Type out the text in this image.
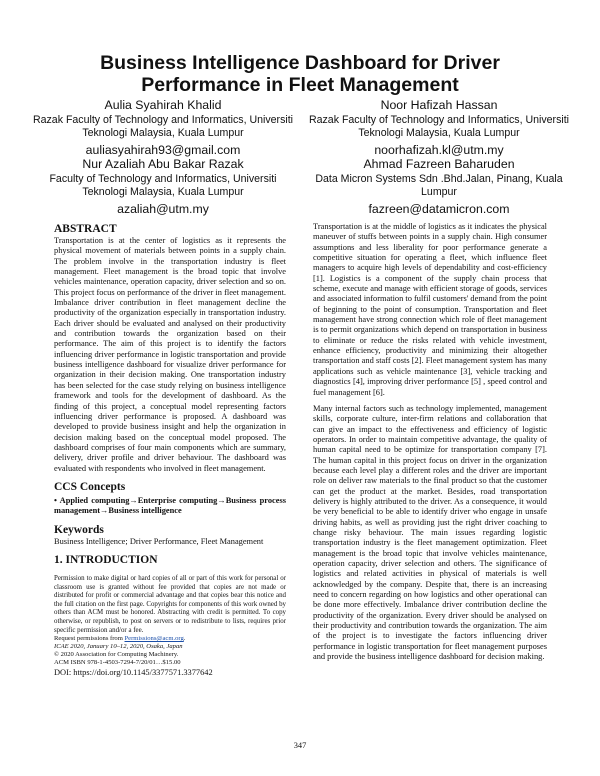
Business Intelligence Dashboard for Driver Performance in Fleet Management
Aulia Syahirah Khalid
Razak Faculty of Technology and Informatics, Universiti Teknologi Malaysia, Kuala Lumpur
auliasyahirah93@gmail.com
Noor Hafizah Hassan
Razak Faculty of Technology and Informatics, Universiti Teknologi Malaysia, Kuala Lumpur
noorhafizah.kl@utm.my
Nur Azaliah Abu Bakar Razak
Faculty of Technology and Informatics, Universiti Teknologi Malaysia, Kuala Lumpur
azaliah@utm.my
Ahmad Fazreen Baharuden
Data Micron Systems Sdn .Bhd.Jalan, Pinang, Kuala Lumpur
fazreen@datamicron.com
ABSTRACT

Transportation is at the center of logistics as it represents the physical movement of materials between points in a supply chain. The problem involve in the transportation industry is fleet management. Fleet management is the broad topic that involve vehicles maintenance, operation capacity, driver selection and so on. This project focus on performance of the driver in fleet management. Imbalance driver contribution in fleet management decline the productivity of the organization especially in transportation industry. Each driver should be evaluated and analysed on their productivity and contribution towards the organization based on their performance. The aim of this project is to identify the factors influencing driver performance in logistic transportation and provide business intelligence dashboard for visualize driver performance for organization in their decision making. One transportation industry has been selected for the case study relying on business intelligence framework and tools for the development of dashboard. As the finding of this project, a conceptual model representing factors influencing driver performance is proposed. A dashboard was developed to provide business insight and help the organization in decision making based on the conceptual model proposed. The dashboard comprises of four main components which are summary, delivery, driver profile and driver behaviour. The dashboard was evaluated with respondents who involved in fleet management.

CCS Concepts

• Applied computing→Enterprise computing→Business process management→Business intelligence

Keywords

Business Intelligence; Driver Performance, Fleet Management

1. INTRODUCTION

Permission to make digital or hard copies of all or part of this work for personal or classroom use is granted without fee provided that copies are not made or distributed for profit or commercial advantage and that copies bear this notice and the full citation on the first page. Copyrights for components of this work owned by others than ACM must be honored. Abstracting with credit is permitted. To copy otherwise, or republish, to post on servers or to redistribute to lists, requires prior specific permission and/or a fee.
Request permissions from Permissions@acm.org.
ICAE 2020, January 10–12, 2020, Osaka, Japan
© 2020 Association for Computing Machinery.
ACM ISBN 978-1-4503-7294-7/20/01…$15.00

DOI: https://doi.org/10.1145/3377571.3377642

Transportation is at the middle of logistics as it indicates the physical maneuver of stuffs between points in a supply chain. High consumer assumptions and less liberality for poor performance generate a competitive situation for operating a fleet, which influence fleet managers to acquire high levels of dependability and cost-efficiency [1]. Logistics is a component of the supply chain process that scheme, execute and manage with efficient storage of goods, services and associated information to fulfil customers' demand from the point of beginning to the point of consumption. Transportation and fleet management have strong connection which role of fleet management is to permit organizations which depend on transportation in business to eliminate or reduce the risks related with vehicle investment, enhance efficiency, productivity and minimizing their altogether transportation and staff costs [2]. Fleet management system has many applications such as vehicle maintenance [3], vehicle tracking and diagnostics [4], improving driver performance [5] , speed control and fuel management [6].

Many internal factors such as technology implemented, management skills, corporate culture, inter-firm relations and collaboration that can give an impact to the effectiveness and efficiency of logistic operators. In order to maintain competitive advantage, the quality of human capital need to be optimize for transportation company [7]. The human capital in this project focus on driver in the organization because each level play a different roles and the driver are important role on deliver raw materials to the final product so that the customer can get the product at the market. Besides, road transportation delivery is highly attributed to the driver. As a consequence, it would be very beneficial to be able to identify driver who engage in unsafe driving habits, as well as providing just the right driver coaching to change risky behaviour. The main issues regarding logistic transportation industry is the fleet management optimization. Fleet management is the broad topic that involve vehicles maintenance, operation capacity, driver selection and others. The significance of logistics and related activities in physical of materials is well acknowledged by the company. Despite that, there is an increasing need to concern regarding on how logistics and other operational can be done more effectively. Imbalance driver contribution decline the productivity of the organization. Every driver should be analysed on their productivity and contribution towards the organization. The aim of the project is to investigate the factors influencing driver performance in logistic transportation for fleet management purposes and provide the business intelligence dashboard for decision making.

347
